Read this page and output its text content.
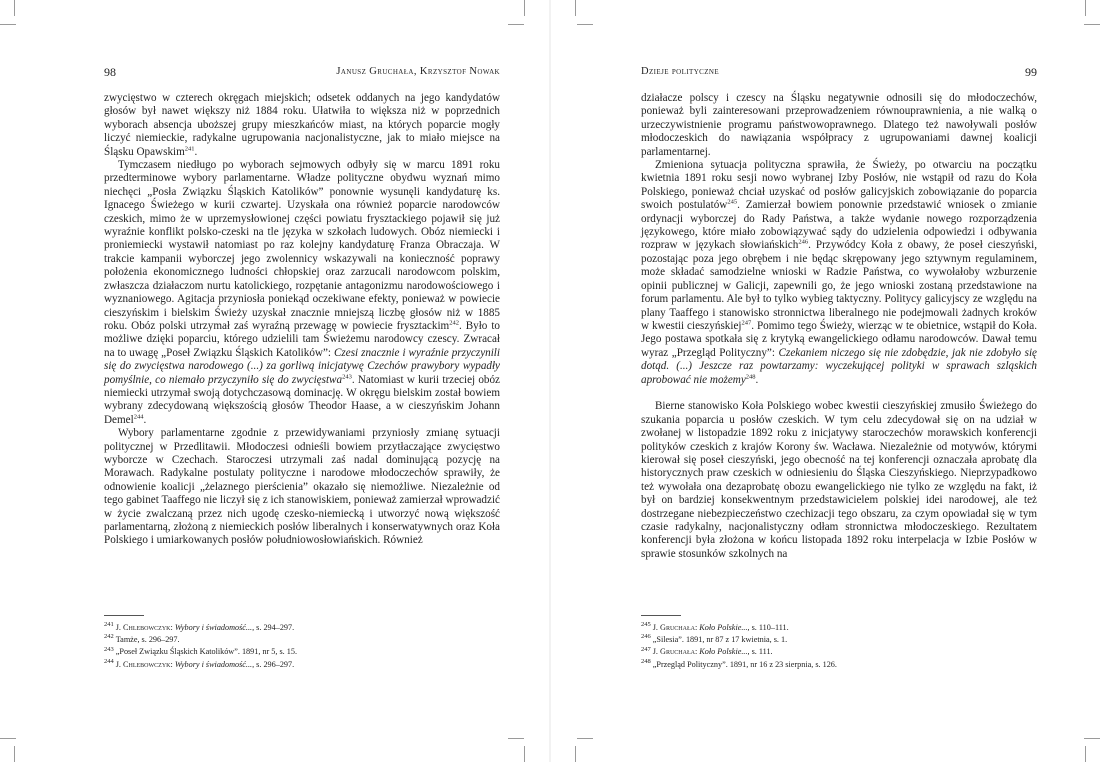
98	Janusz Gruchała, Krzysztof Nowak

zwycięstwo w czterech okręgach miejskich; odsetek oddanych na jego kandydatów głosów był nawet większy niż 1884 roku. Ułatwiła to większa niż w poprzednich wyborach absencja uboższej grupy mieszkańców miast, na których poparcie mogły liczyć niemieckie, radykalne ugrupowania nacjonalistyczne, jak to miało miejsce na Śląsku Opawskim$^{241}$.

Tymczasem niedługo po wyborach sejmowych odbyły się w marcu 1891 roku przedterminowe wybory parlamentarne. Władze polityczne obydwu wyznań mimo niechęci „Posła Związku Śląskich Katolików” ponownie wysunęli kandydaturę ks. Ignacego Świeżego w kurii czwartej. Uzyskała ona również poparcie narodowców czeskich, mimo że w uprzemysłowionej części powiatu frysztackiego pojawił się już wyraźnie konflikt polsko-czeski na tle języka w szkołach ludowych. Obóz niemiecki i proniemiecki wystawił natomiast po raz kolejny kandydaturę Franza Obraczaja. W trakcie kampanii wyborczej jego zwolennicy wskazywali na konieczność poprawy położenia ekonomicznego ludności chłopskiej oraz zarzucali narodowcom polskim, zwłaszcza działaczom nurtu katolickiego, rozpętanie antagonizmu narodowościowego i wyznaniowego. Agitacja przyniosła poniekąd oczekiwane efekty, ponieważ w powiecie cieszyńskim i bielskim Świeży uzyskał znacznie mniejszą liczbę głosów niż w 1885 roku. Obóz polski utrzymał zaś wyraźną przewagę w powiecie frysztackim$^{242}$. Było to możliwe dzięki poparciu, którego udzielili tam Świeżemu narodowcy czescy. Zwracał na to uwagę „Poseł Związku Śląskich Katolików”: Czesi znacznie i wyraźnie przyczynili się do zwycięstwa narodowego (...) za gorliwą inicjatywę Czechów prawybory wypadły pomyślnie, co niemało przyczyniło się do zwycięstwa$^{243}$. Natomiast w kurii trzeciej obóz niemiecki utrzymał swoją dotychczasową dominację. W okręgu bielskim został bowiem wybrany zdecydowaną większością głosów Theodor Haase, a w cieszyńskim Johann Demel$^{244}$.

Wybory parlamentarne zgodnie z przewidywaniami przyniosły zmianę sytuacji politycznej w Przedlitawii. Młodoczesi odnieśli bowiem przytłaczające zwycięstwo wyborcze w Czechach. Staroczesi utrzymali zaś nadal dominującą pozycję na Morawach. Radykalne postulaty polityczne i narodowe młodoczechów sprawiły, że odnowienie koalicji „żelaznego pierścienia” okazało się niemożliwe. Niezależnie od tego gabinet Taaffego nie liczył się z ich stanowiskiem, ponieważ zamierzał wprowadzić w życie zwalczaną przez nich ugodę czesko-niemiecką i utworzyć nową większość parlamentarną, złożoną z niemieckich posłów liberalnych i konserwatywnych oraz Koła Polskiego i umiarkowanych posłów południowosłowiańskich. Również

$^{241}$ J. Chlebowczyk: Wybory i świadomość..., s. 294–297.
$^{242}$ Tamże, s. 296–297.
$^{243}$ „Poseł Związku Śląskich Katolików”. 1891, nr 5, s. 15.
$^{244}$ J. Chlebowczyk: Wybory i świadomość..., s. 296–297.
Dzieje polityczne	99

działacze polscy i czescy na Śląsku negatywnie odnosili się do młodoczechów, ponieważ byli zainteresowani przeprowadzeniem równouprawnienia, a nie walką o urzeczywistnienie programu państwowoprawnego. Dlatego też nawoływali posłów młodoczeskich do nawiązania współpracy z ugrupowaniami dawnej koalicji parlamentarnej.

Zmieniona sytuacja polityczna sprawiła, że Świeży, po otwarciu na początku kwietnia 1891 roku sesji nowo wybranej Izby Posłów, nie wstąpił od razu do Koła Polskiego, ponieważ chciał uzyskać od posłów galicyjskich zobowiązanie do poparcia swoich postulatów$^{245}$. Zamierzał bowiem ponownie przedstawić wniosek o zmianie ordynacji wyborczej do Rady Państwa, a także wydanie nowego rozporządzenia językowego, które miało zobowiązywać sądy do udzielenia odpowiedzi i odbywania rozpraw w językach słowiańskich$^{246}$. Przywódcy Koła z obawy, że poseł cieszyński, pozostając poza jego obrębem i nie będąc skrępowany jego sztywnym regulaminem, może składać samodzielne wnioski w Radzie Państwa, co wywołałoby wzburzenie opinii publicznej w Galicji, zapewnili go, że jego wnioski zostaną przedstawione na forum parlamentu. Ale był to tylko wybieg taktyczny. Politycy galicyjscy ze względu na plany Taaffego i stanowisko stronnictwa liberalnego nie podejmowali żadnych kroków w kwestii cieszyńskiej$^{247}$. Pomimo tego Świeży, wierząc w te obietnice, wstąpił do Koła. Jego postawa spotkała się z krytyką ewangelickiego odłamu narodowców. Dawał temu wyraz „Przegląd Polityczny”: Czekaniem niczego się nie zdobędzie, jak nie zdobyło się dotąd. (...) Jeszcze raz powtarzamy: wyczekującej polityki w sprawach szląskich aprobować nie możemy$^{248}$.

Bierne stanowisko Koła Polskiego wobec kwestii cieszyńskiej zmusiło Świeżego do szukania poparcia u posłów czeskich. W tym celu zdecydował się on na udział w zwołanej w listopadzie 1892 roku z inicjatywy staroczechów morawskich konferencji polityków czeskich z krajów Korony św. Wacława. Niezależnie od motywów, którymi kierował się poseł cieszyński, jego obecność na tej konferencji oznaczała aprobatę dla historycznych praw czeskich w odniesieniu do Śląska Cieszyńskiego. Nieprzypadkowo też wywołała ona dezaprobatę obozu ewangelickiego nie tylko ze względu na fakt, iż był on bardziej konsekwentnym przedstawicielem polskiej idei narodowej, ale też dostrzegane niebezpieczeństwo czechizacji tego obszaru, za czym opowiadał się w tym czasie radykalny, nacjonalistyczny odłam stronnictwa młodoczeskiego. Rezultatem konferencji była złożona w końcu listopada 1892 roku interpelacja w Izbie Posłów w sprawie stosunków szkolnych na

$^{245}$ J. Gruchała: Koło Polskie..., s. 110–111.
$^{246}$ „Silesia”. 1891, nr 87 z 17 kwietnia, s. 1.
$^{247}$ J. Gruchała: Koło Polskie..., s. 111.
$^{248}$ „Przegląd Polityczny”. 1891, nr 16 z 23 sierpnia, s. 126.
